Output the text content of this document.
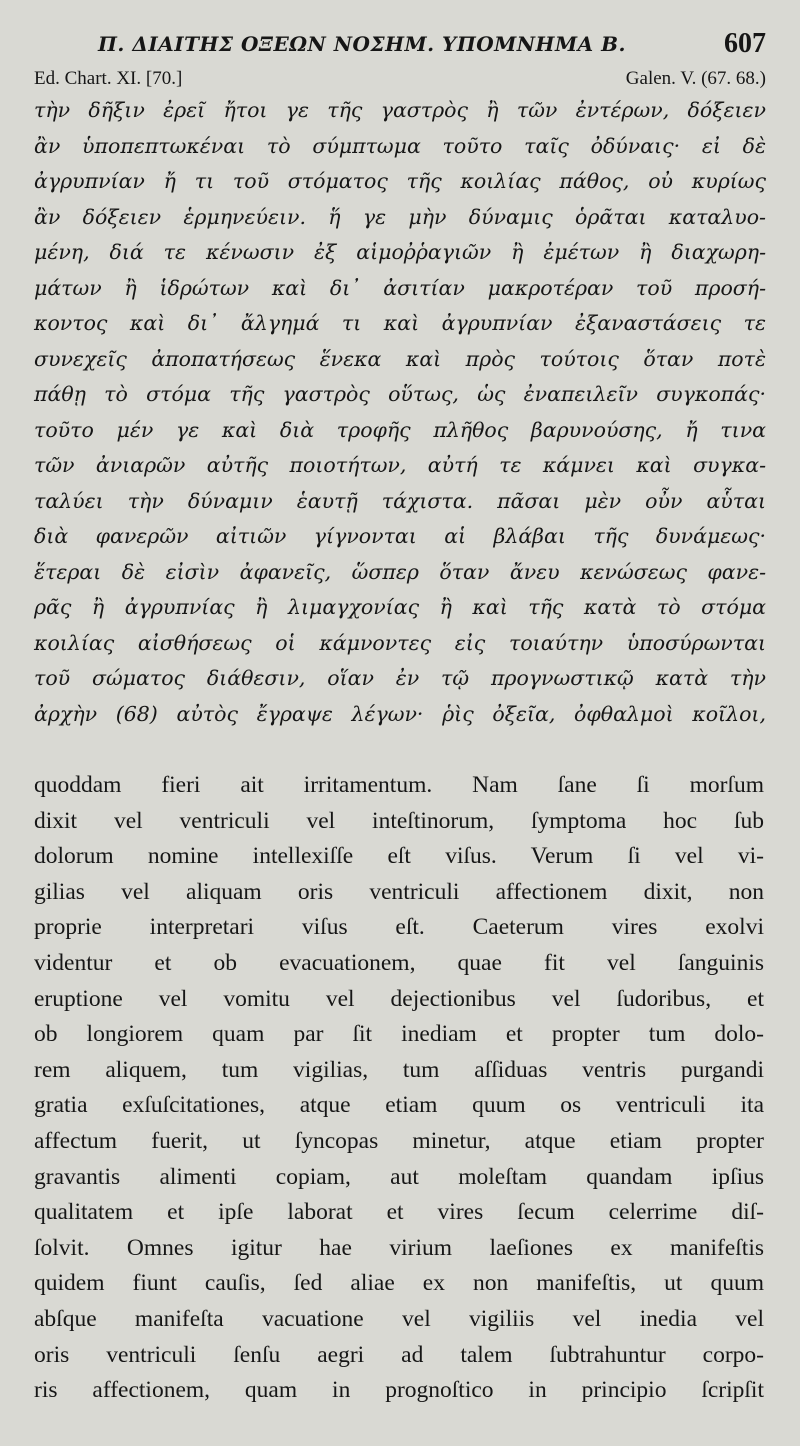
Π. ΔΙΑΙΤΗΣ ΟΞΕΩΝ ΝΟΣΗΜ. ΥΠΟΜΝΗΜΑ Β.	607
Ed. Chart. XI. [70.]	Galen. V. (67. 68.)
τὴν δῆξιν ἐρεῖ ἤτοι γε τῆς γαστρὸς ἢ τῶν ἐντέρων, δόξειεν
ἂν ὑποπεπτωκέναι τὸ σύμπτωμα τοῦτο ταῖς ὀδύναις· εἰ δὲ
ἀγρυπνίαν ἤ τι τοῦ στόματος τῆς κοιλίας πάθος, οὐ κυρίως
ἂν δόξειεν ἑρμηνεύειν. ἥ γε μὴν δύναμις ὁρᾶται καταλυο-
μένη, διά τε κένωσιν ἐξ αἱμοῤῥαγιῶν ἢ ἐμέτων ἢ διαχωρη-
μάτων ἢ ἱδρώτων καὶ δι᾽ ἀσιτίαν μακροτέραν τοῦ προσή-
κοντος καὶ δι᾽ ἄλγημά τι καὶ ἀγρυπνίαν ἐξαναστάσεις τε
συνεχεῖς ἀποπατήσεως ἕνεκα καὶ πρὸς τούτοις ὅταν ποτὲ
πάθῃ τὸ στόμα τῆς γαστρὸς οὕτως, ὡς ἐναπειλεῖν συγκοπάς·
τοῦτο μέν γε καὶ διὰ τροφῆς πλῆθος βαρυνούσης, ἤ τινα
τῶν ἀνιαρῶν αὐτῆς ποιοτήτων, αὐτή τε κάμνει καὶ συγκα-
ταλύει τὴν δύναμιν ἑαυτῇ τάχιστα. πᾶσαι μὲν οὖν αὗται
διὰ φανερῶν αἰτιῶν γίγνονται αἱ βλάβαι τῆς δυνάμεως·
ἕτεραι δὲ εἰσὶν ἀφανεῖς, ὥσπερ ὅταν ἄνευ κενώσεως φανε-
ρᾶς ἢ ἀγρυπνίας ἢ λιμαγχονίας ἢ καὶ τῆς κατὰ τὸ στόμα
κοιλίας αἰσθήσεως οἱ κάμνοντες εἰς τοιαύτην ὑποσύρωνται
τοῦ σώματος διάθεσιν, οἵαν ἐν τῷ προγνωστικῷ κατὰ τὴν
ἀρχὴν (68) αὐτὸς ἔγραψε λέγων· ῥὶς ὀξεῖα, ὀφθαλμοὶ κοῖλοι,
quoddam fieri ait irritamentum. Nam ſane ſi morſum
dixit vel ventriculi vel inteſtinorum, ſymptoma hoc ſub
dolorum nomine intellexiſſe eſt viſus. Verum ſi vel vi-
gilias vel aliquam oris ventriculi affectionem dixit, non
proprie interpretari viſus eſt. Caeterum vires exolvi
videntur et ob evacuationem, quae fit vel ſanguinis
eruptione vel vomitu vel dejectionibus vel ſudoribus, et
ob longiorem quam par ſit inediam et propter tum dolo-
rem aliquem, tum vigilias, tum aſſiduas ventris purgandi
gratia exſuſcitationes, atque etiam quum os ventriculi ita
affectum fuerit, ut ſyncopas minetur, atque etiam propter
gravantis alimenti copiam, aut moleſtam quandam ipſius
qualitatem et ipſe laborat et vires ſecum celerrime diſ-
ſolvit. Omnes igitur hae virium laeſiones ex manifeſtis
quidem fiunt cauſis, ſed aliae ex non manifeſtis, ut quum
abſque manifeſta vacuatione vel vigiliis vel inedia vel
oris ventriculi ſenſu aegri ad talem ſubtrahuntur corpo-
ris affectionem, quam in prognoſtico in principio ſcripſit
